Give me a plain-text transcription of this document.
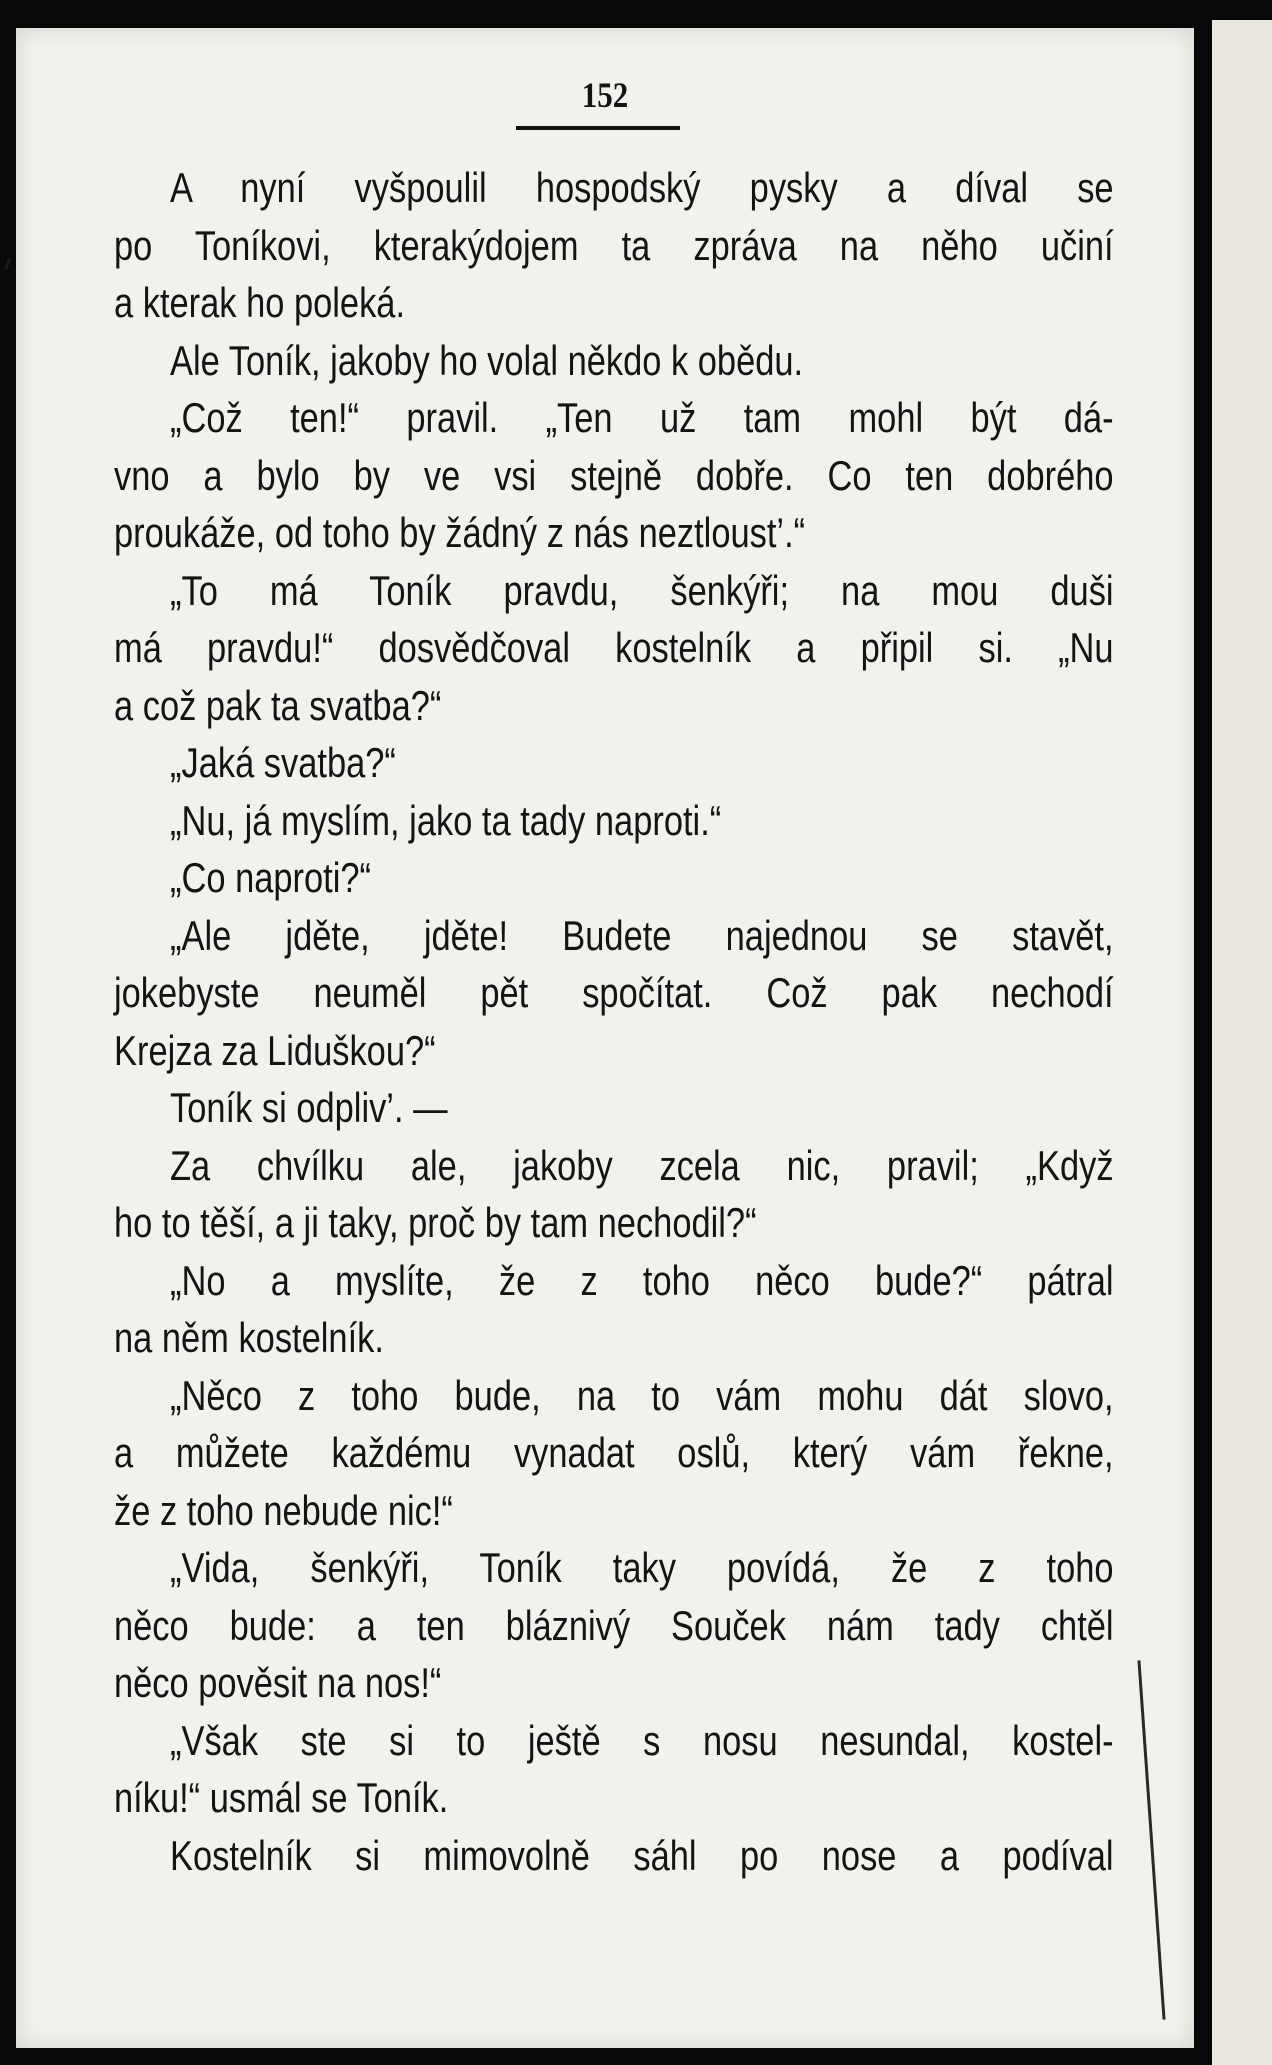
152
A nyní vyšpoulil hospodský pysky a díval se
po Toníkovi, kterakýdojem ta zpráva na něho učiní
a kterak ho poleká.
Ale Toník, jakoby ho volal někdo k obědu.
„Což ten!“ pravil. „Ten už tam mohl být dá-
vno a bylo by ve vsi stejně dobře. Co ten dobrého
proukáže, od toho by žádný z nás neztloust’.“
„To má Toník pravdu, šenkýři; na mou duši
má pravdu!“ dosvědčoval kostelník a připil si. „Nu
a což pak ta svatba?“
„Jaká svatba?“
„Nu, já myslím, jako ta tady naproti.“
„Co naproti?“
„Ale jděte, jděte! Budete najednou se stavět,
jokebyste neuměl pět spočítat. Což pak nechodí
Krejza za Liduškou?“
Toník si odpliv’. —
Za chvílku ale, jakoby zcela nic, pravil; „Když
ho to těší, a ji taky, proč by tam nechodil?“
„No a myslíte, že z toho něco bude?“ pátral
na něm kostelník.
„Něco z toho bude, na to vám mohu dát slovo,
a můžete každému vynadat oslů, který vám řekne,
že z toho nebude nic!“
„Vida, šenkýři, Toník taky povídá, že z toho
něco bude: a ten bláznivý Souček nám tady chtěl
něco pověsit na nos!“
„Však ste si to ještě s nosu nesundal, kostel-
níku!“ usmál se Toník.
Kostelník si mimovolně sáhl po nose a podíval
